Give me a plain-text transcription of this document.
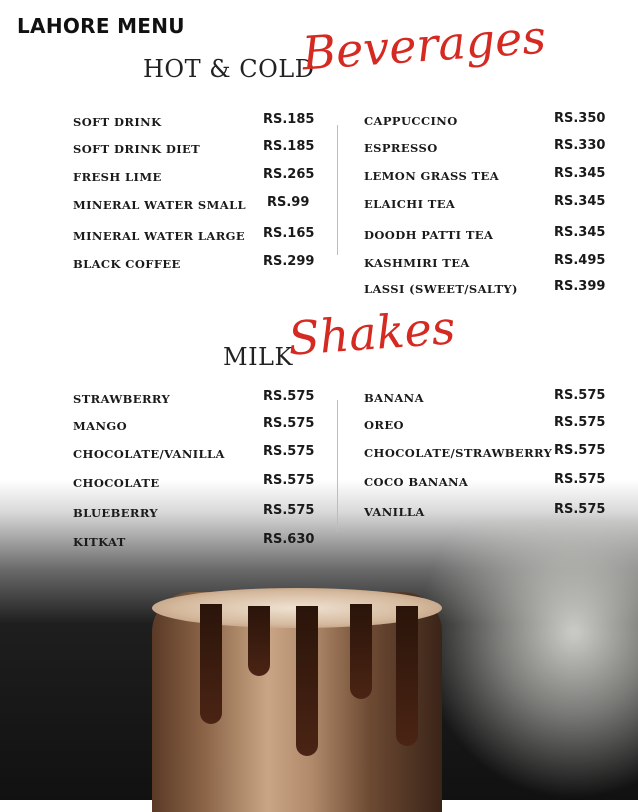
LAHORE MENU
HOT & COLD
Beverages
SOFT DRINK	RS.185
SOFT DRINK DIET	RS.185
FRESH LIME	RS.265
MINERAL WATER SMALL RS.99
MINERAL WATER LARGE RS.165
BLACK COFFEE	RS.299
CAPPUCCINO	RS.350
ESPRESSO	RS.330
LEMON GRASS TEA	RS.345
ELAICHI TEA	RS.345
DOODH PATTI TEA	RS.345
KASHMIRI TEA	RS.495
LASSI (SWEET/SALTY)	RS.399
MILK
Shakes
STRAWBERRY	RS.575
MANGO	RS.575
CHOCOLATE/VANILLA	RS.575
CHOCOLATE	RS.575
BLUEBERRY	RS.575
KITKAT	RS.630
BANANA	RS.575
OREO	RS.575
CHOCOLATE/STRAWBERRY RS.575
COCO BANANA	RS.575
VANILLA	RS.575
